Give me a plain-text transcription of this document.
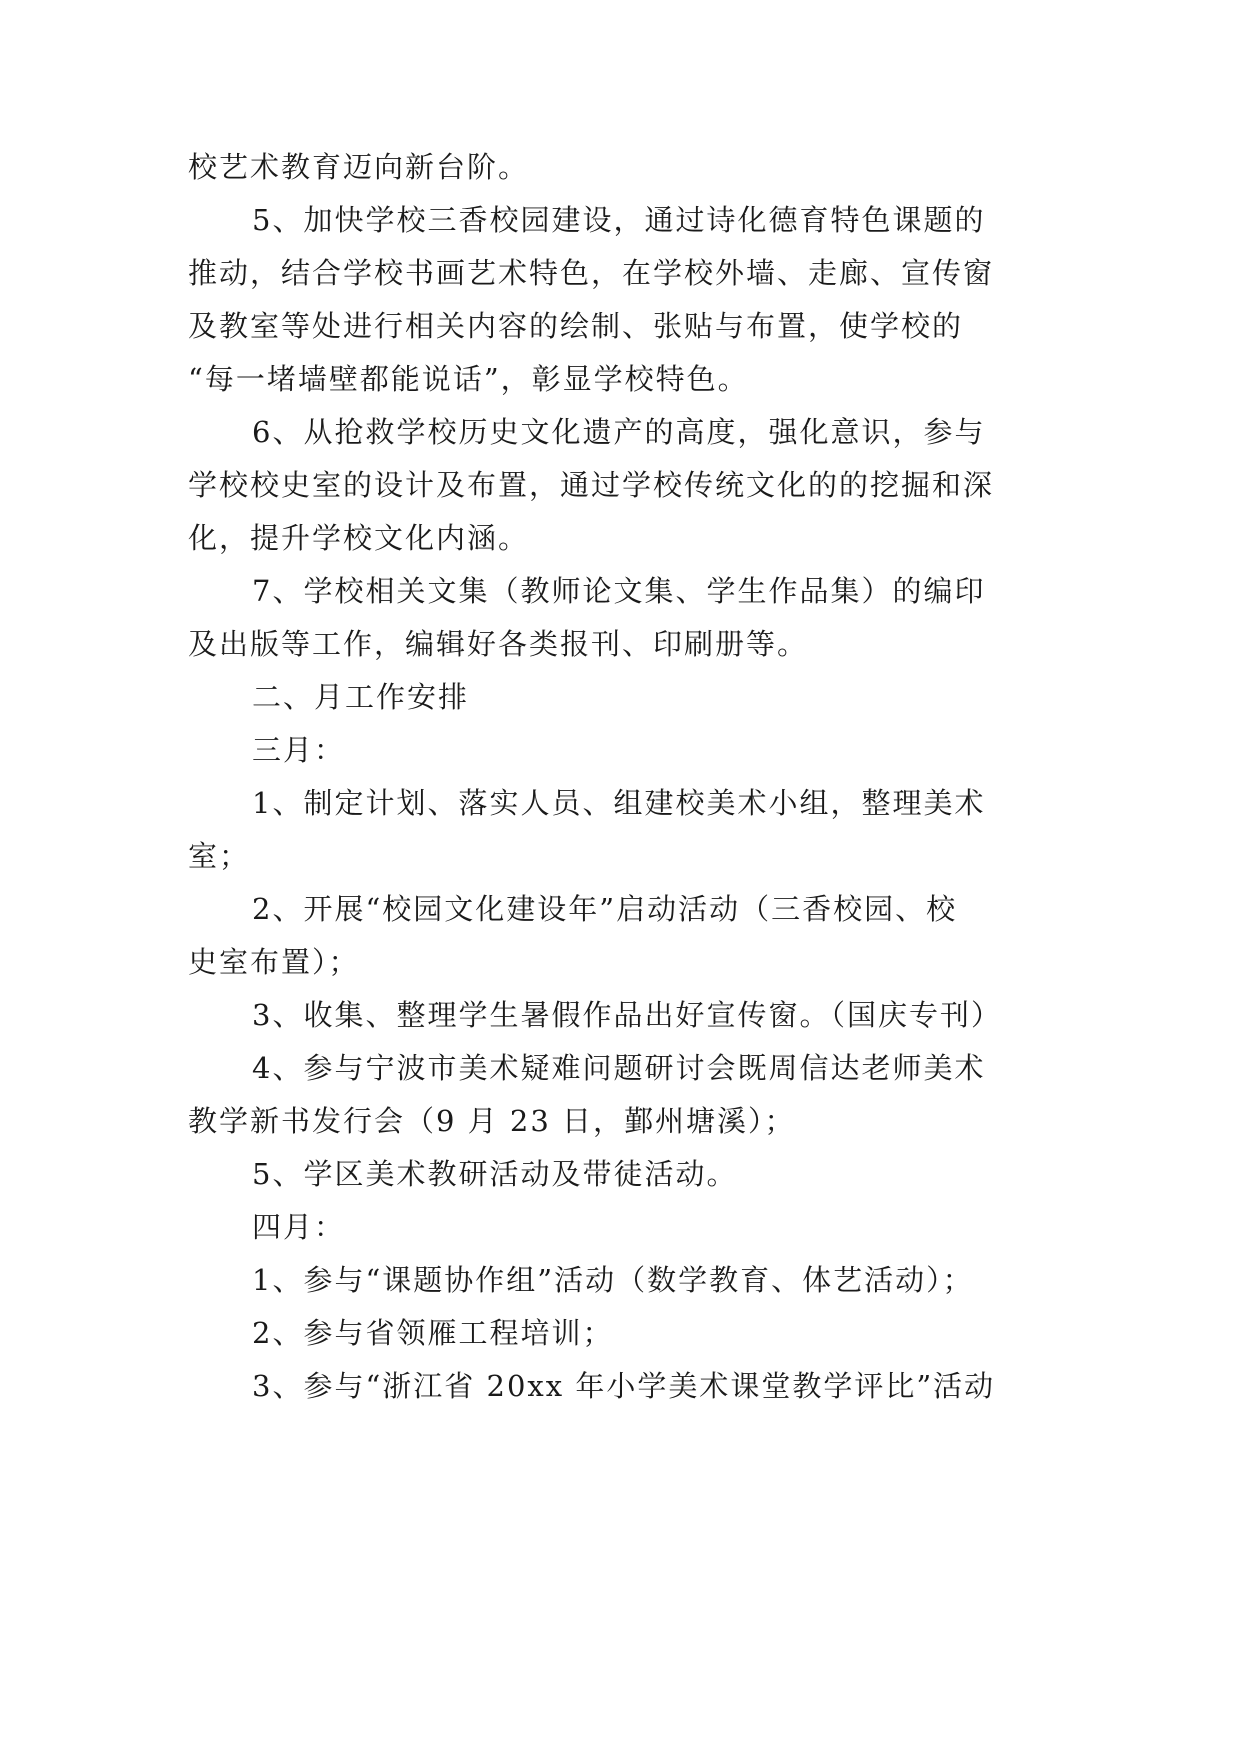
校艺术教育迈向新台阶。
5、加快学校三香校园建设，通过诗化德育特色课题的
推动，结合学校书画艺术特色，在学校外墙、走廊、宣传窗
及教室等处进行相关内容的绘制、张贴与布置，使学校的
“每一堵墙壁都能说话”，彰显学校特色。
6、从抢救学校历史文化遗产的高度，强化意识，参与
学校校史室的设计及布置，通过学校传统文化的的挖掘和深
化，提升学校文化内涵。
7、学校相关文集（教师论文集、学生作品集）的编印
及出版等工作，编辑好各类报刊、印刷册等。
二、月工作安排
三月：
1、制定计划、落实人员、组建校美术小组，整理美术
室；
2、开展“校园文化建设年”启动活动（三香校园、校
史室布置）；
3、收集、整理学生暑假作品出好宣传窗。（国庆专刊）
4、参与宁波市美术疑难问题研讨会既周信达老师美术
教学新书发行会（9 月 23 日，鄞州塘溪）；
5、学区美术教研活动及带徒活动。
四月：
1、参与“课题协作组”活动（数学教育、体艺活动）；
2、参与省领雁工程培训；
3、参与“浙江省 20xx 年小学美术课堂教学评比”活动
